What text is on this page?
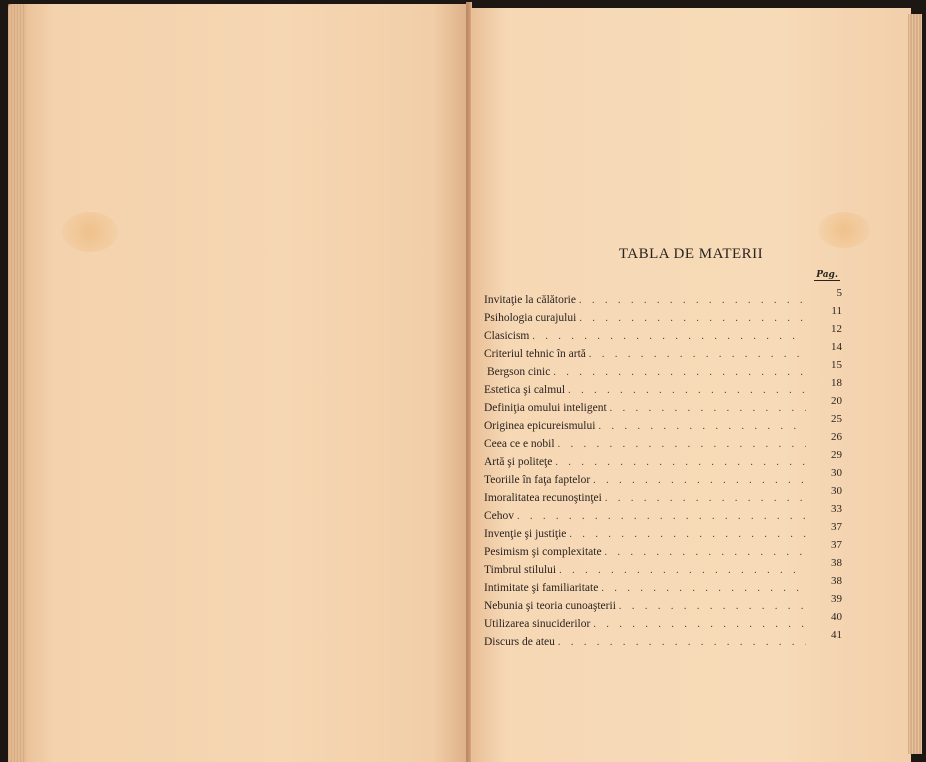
TABLA DE MATERII
Pag.
Invitaţie la călătorie
. . .
5
Psihologia curajului
. . .
11
Clasicism
. . .
12
Criteriul tehnic în artă
. . .
14
Bergson cinic
. . .
15
Estetica şi calmul
. . .
18
Definiţia omului inteligent
. . .
20
Originea epicureismului
. . .
25
Ceea ce e nobil
. . .
26
Artă şi politeţe
. . .
29
Teoriile în faţa faptelor
. . .
30
Imoralitatea recunoştinţei
. . .
30
Cehov
. . .
33
Invenţie şi justiţie
. . .
37
Pesimism şi complexitate
. . .
37
Timbrul stilului
. . .
38
Intimitate şi familiaritate
. . .
38
Nebunia şi teoria cunoaşterii
. . .
39
Utilizarea sinuciderilor
. . .
40
Discurs de ateu
. . .
41
